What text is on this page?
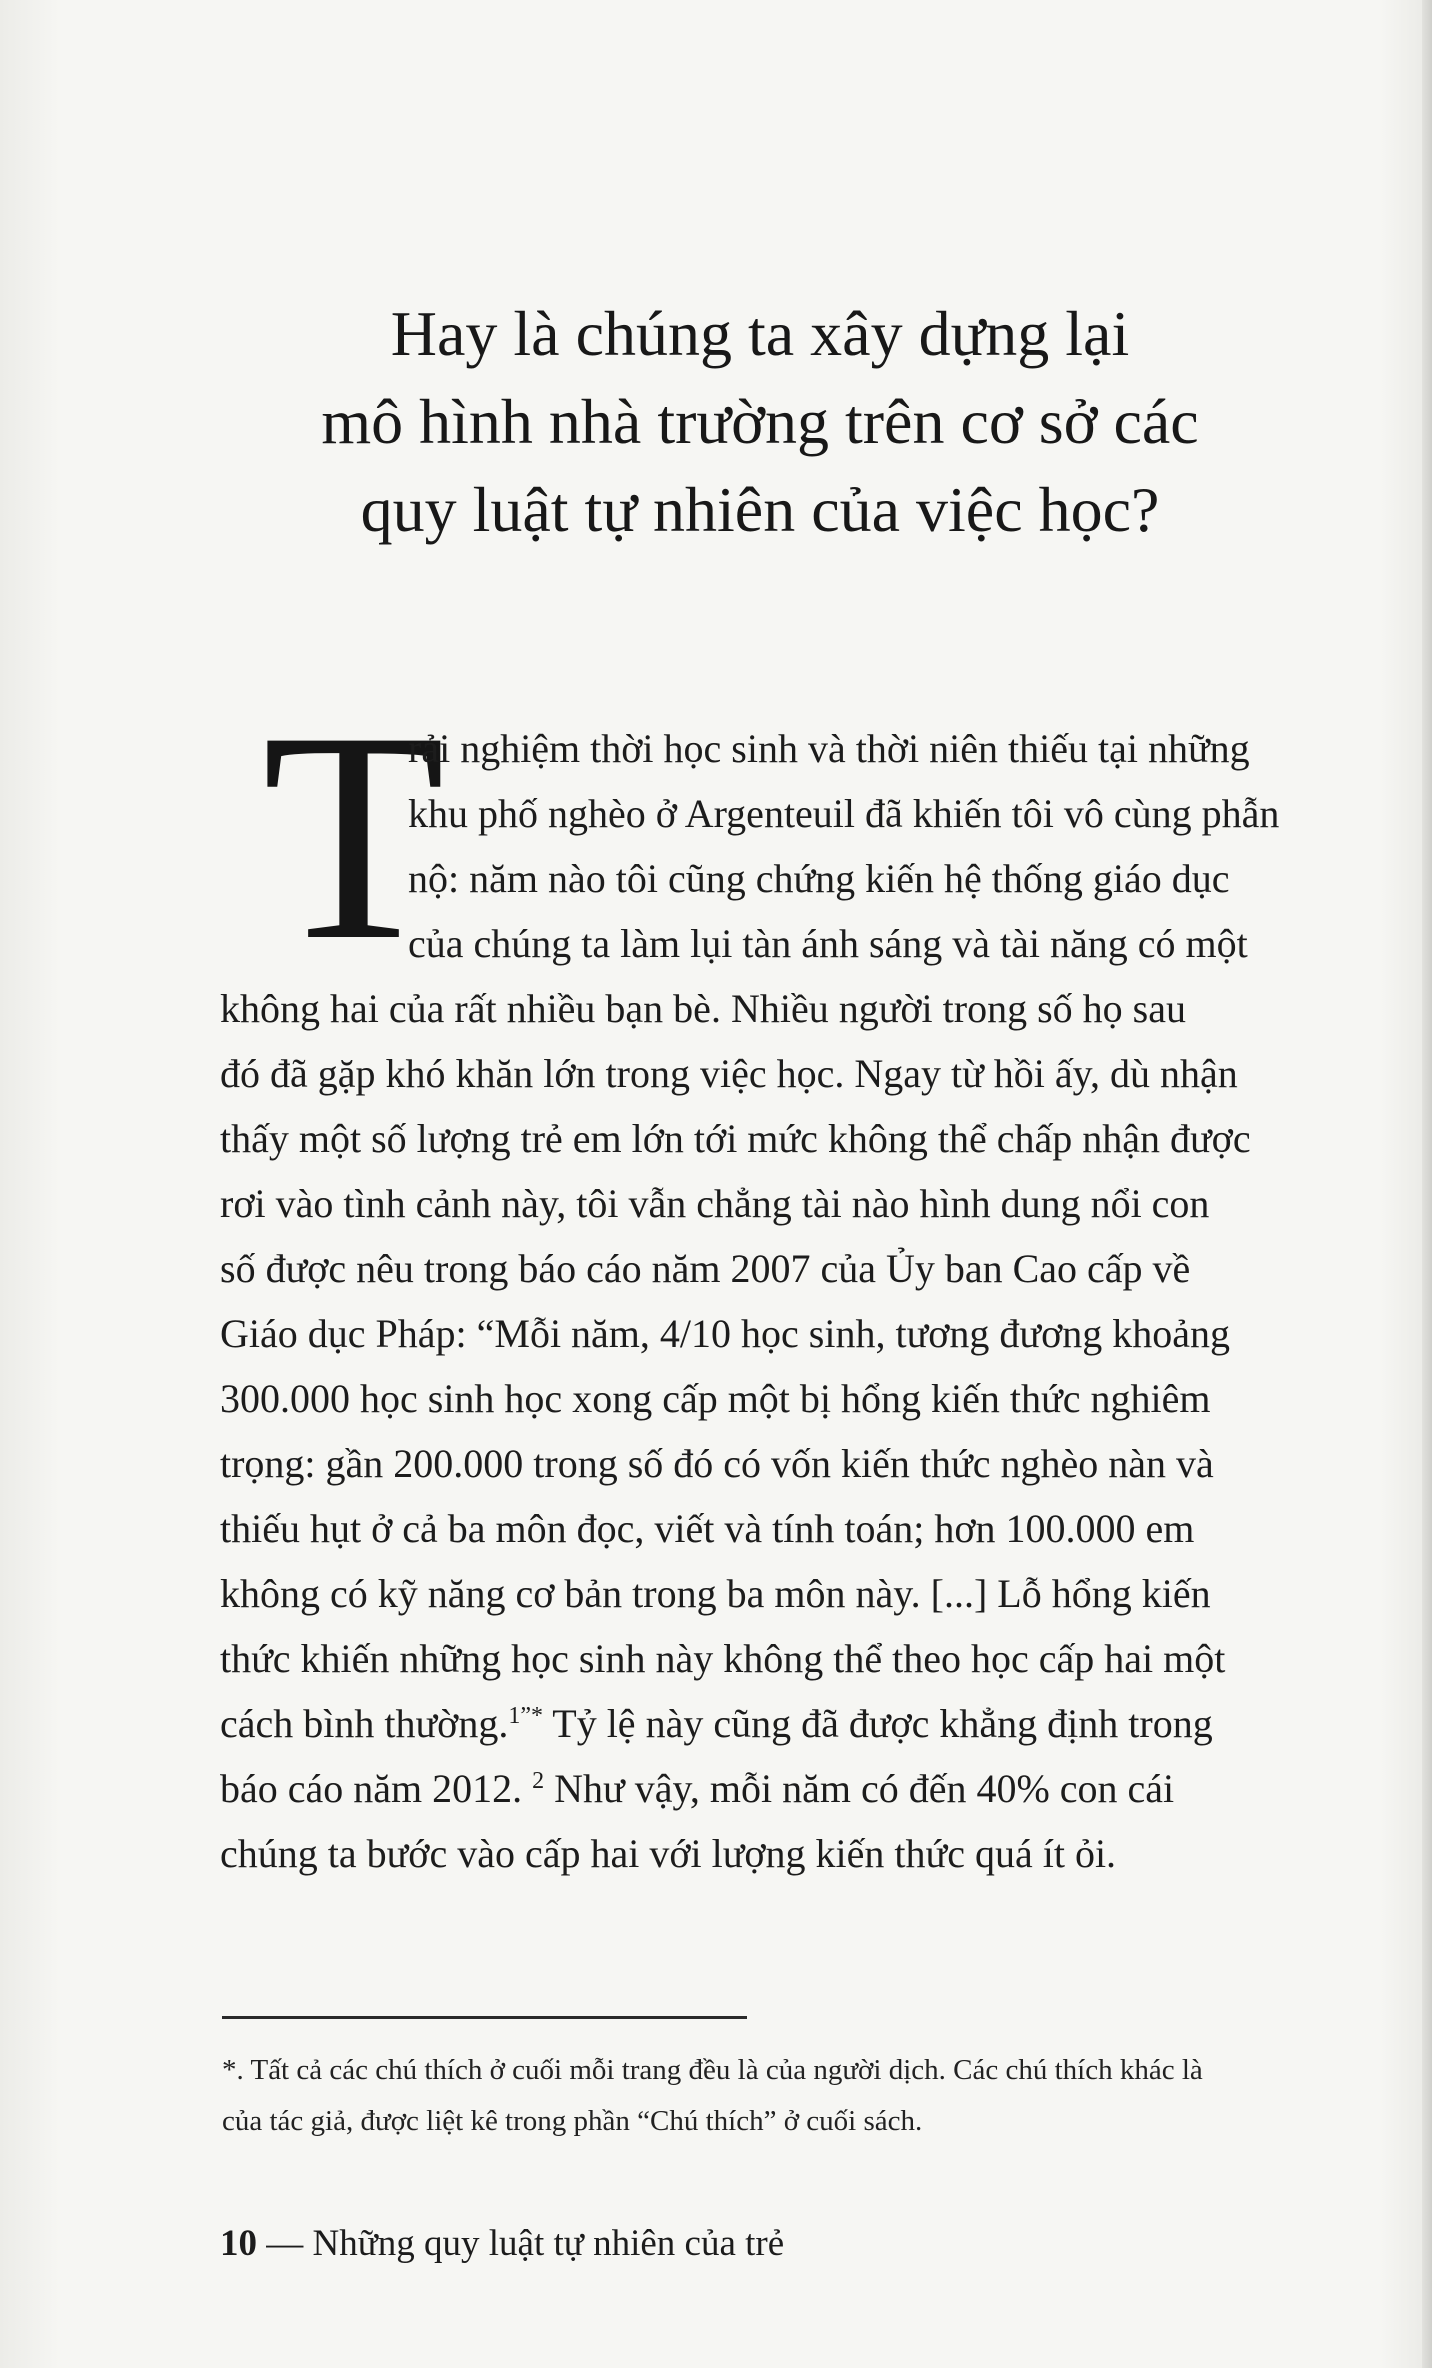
Hay là chúng ta xây dựng lại
mô hình nhà trường trên cơ sở các
quy luật tự nhiên của việc học?
T
rải nghiệm thời học sinh và thời niên thiếu tại những
khu phố nghèo ở Argenteuil đã khiến tôi vô cùng phẫn
nộ: năm nào tôi cũng chứng kiến hệ thống giáo dục
của chúng ta làm lụi tàn ánh sáng và tài năng có một
không hai của rất nhiều bạn bè. Nhiều người trong số họ sau
đó đã gặp khó khăn lớn trong việc học. Ngay từ hồi ấy, dù nhận
thấy một số lượng trẻ em lớn tới mức không thể chấp nhận được
rơi vào tình cảnh này, tôi vẫn chẳng tài nào hình dung nổi con
số được nêu trong báo cáo năm 2007 của Ủy ban Cao cấp về
Giáo dục Pháp: “Mỗi năm, 4/10 học sinh, tương đương khoảng
300.000 học sinh học xong cấp một bị hổng kiến thức nghiêm
trọng: gần 200.000 trong số đó có vốn kiến thức nghèo nàn và
thiếu hụt ở cả ba môn đọc, viết và tính toán; hơn 100.000 em
không có kỹ năng cơ bản trong ba môn này. [...] Lỗ hổng kiến
thức khiến những học sinh này không thể theo học cấp hai một
cách bình thường.$^{1”*}$ Tỷ lệ này cũng đã được khẳng định trong
báo cáo năm 2012. $^2$ Như vậy, mỗi năm có đến 40% con cái
chúng ta bước vào cấp hai với lượng kiến thức quá ít ỏi.
*. Tất cả các chú thích ở cuối mỗi trang đều là của người dịch. Các chú thích khác là
của tác giả, được liệt kê trong phần “Chú thích” ở cuối sách.
10 — Những quy luật tự nhiên của trẻ
